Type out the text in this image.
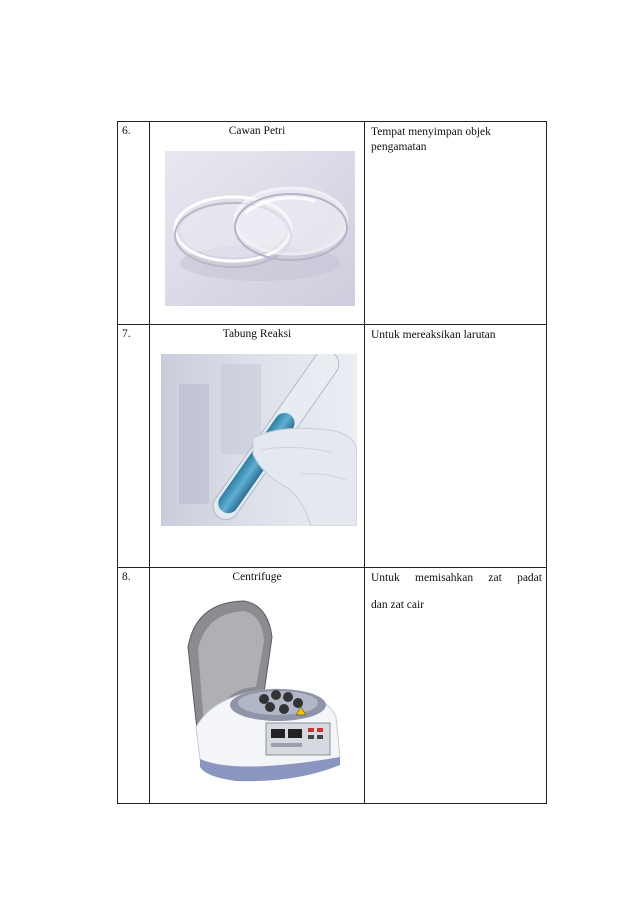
6.	Cawan Petri	Tempat menyimpan objek
pengamatan

7.	Tabung Reaksi	Untuk mereaksikan larutan

8.	Centrifuge	Untuk memisahkan zat padat
dan zat cair
